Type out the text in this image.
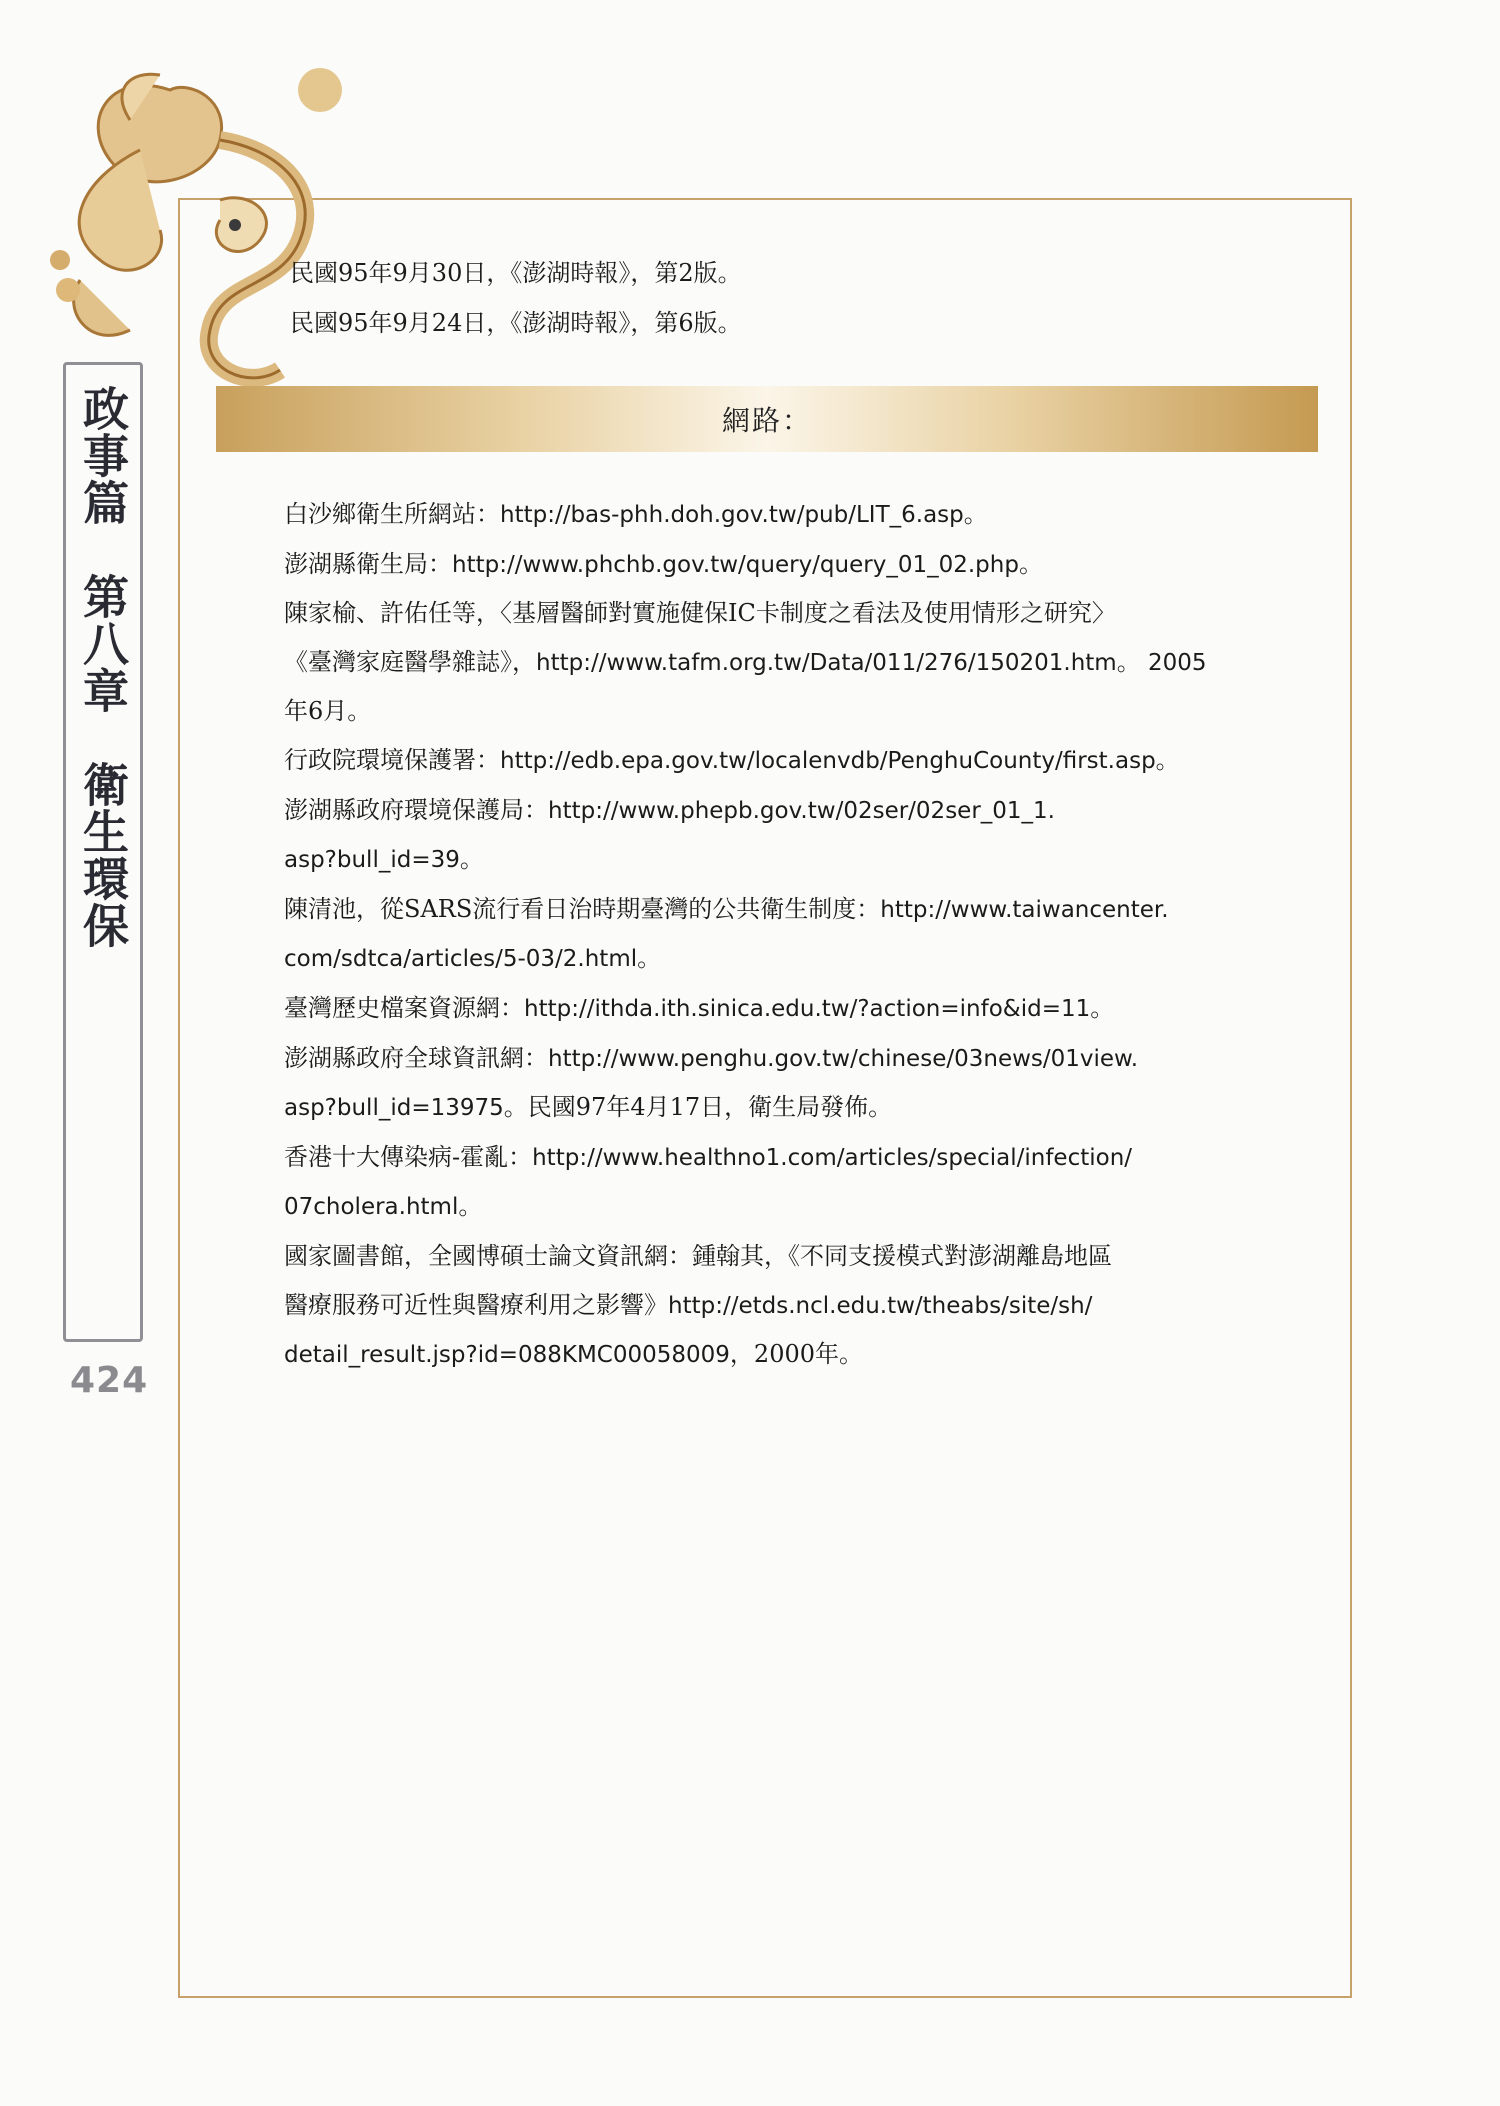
民國95年9月30日，《澎湖時報》，第2版。
民國95年9月24日，《澎湖時報》，第6版。
網路：
白沙鄉衛生所網站：http://bas-phh.doh.gov.tw/pub/LIT_6.asp。
澎湖縣衛生局：http://www.phchb.gov.tw/query/query_01_02.php。
陳家榆、許佑任等，〈基層醫師對實施健保IC卡制度之看法及使用情形之研究〉
《臺灣家庭醫學雜誌》，http://www.tafm.org.tw/Data/011/276/150201.htm。 2005
年6月。
行政院環境保護署：http://edb.epa.gov.tw/localenvdb/PenghuCounty/first.asp。
澎湖縣政府環境保護局：http://www.phepb.gov.tw/02ser/02ser_01_1.
asp?bull_id=39。
陳清池，從SARS流行看日治時期臺灣的公共衛生制度：http://www.taiwancenter.
com/sdtca/articles/5-03/2.html。
臺灣歷史檔案資源網：http://ithda.ith.sinica.edu.tw/?action=info&id=11。
澎湖縣政府全球資訊網：http://www.penghu.gov.tw/chinese/03news/01view.
asp?bull_id=13975。民國97年4月17日，衛生局發佈。
香港十大傳染病-霍亂：http://www.healthno1.com/articles/special/infection/
07cholera.html。
國家圖書館，全國博碩士論文資訊網：鍾翰其，《不同支援模式對澎湖離島地區
醫療服務可近性與醫療利用之影響》http://etds.ncl.edu.tw/theabs/site/sh/
detail_result.jsp?id=088KMC00058009，2000年。
政事篇　第八章　衛生環保
424
